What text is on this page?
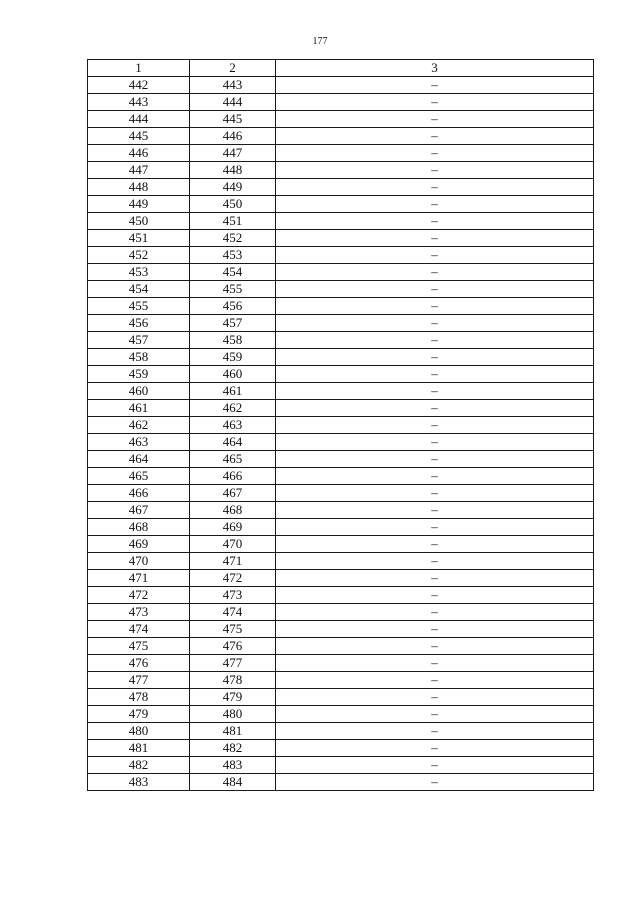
177
1	2	3
442	443	–
443	444	–
444	445	–
445	446	–
446	447	–
447	448	–
448	449	–
449	450	–
450	451	–
451	452	–
452	453	–
453	454	–
454	455	–
455	456	–
456	457	–
457	458	–
458	459	–
459	460	–
460	461	–
461	462	–
462	463	–
463	464	–
464	465	–
465	466	–
466	467	–
467	468	–
468	469	–
469	470	–
470	471	–
471	472	–
472	473	–
473	474	–
474	475	–
475	476	–
476	477	–
477	478	–
478	479	–
479	480	–
480	481	–
481	482	–
482	483	–
483	484	–
